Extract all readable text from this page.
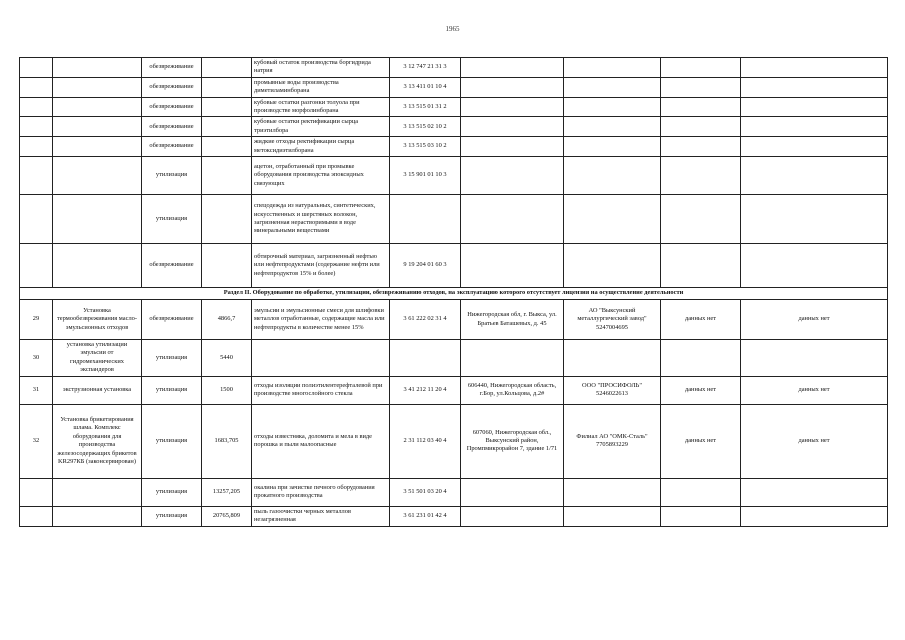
1965
		обезвреживание		кубовый остаток производства боргидрида натрия	3 12 747 21 31 3				
		обезвреживание		промывные воды производства диметиламинборана	3 13 411 01 10 4				
		обезвреживание		кубовые остатки разгонки толуола при производстве морфолинборана	3 13 515 01 31 2				
		обезвреживание		кубовые остатки ректификации сырца триэтилбора	3 13 515 02 10 2				
		обезвреживание		жидкие отходы ректификации сырца метоксидиэтилборана	3 13 515 03 10 2				
		утилизация		ацетон, отработанный при промывке оборудования производства эпоксидных связующих	3 15 901 01 10 3				
		утилизация		спецодежда из натуральных, синтетических, искусственных и шерстяных волокон, загрязненная нерастворимыми в воде минеральными веществами					
		обезвреживание		обтирочный материал, загрязненный нефтью или нефтепродуктами (содержание нефти или нефтепродуктов 15% и более)	9 19 204 01 60 3				
Раздел II. Оборудование по обработке, утилизации, обезвреживанию отходов, на эксплуатацию которого отсутствует лицензия на осуществление деятельности									
29	Установка термообезвреживания масло-эмульсионных отходов	обезвреживание	4866,7	эмульсии и эмульсионные смеси для шлифовки металлов отработанные, содержащие масла или нефтепродукты в количестве менее 15%	3 61 222 02 31 4	Нижегородская обл, г. Выкса, ул. Братьев Баташевых, д. 45	АО "Выксунский металлургический завод" 5247004695	данных нет	данных нет
30	установка утилизации эмульсии от гидромеханических экспандеров	утилизация	5440						
31	экструзионная установка	утилизация	1500	отходы изоляции полиэтилентерефталевой при производстве многослойного стекла	3 41 212 11 20 4	606440, Нижегородская область, г.Бор, ул.Кольцова, д.2#	ООО "ПРОСИФОЛЬ" 5246022613	данных нет	данных нет
32	Установка брикетирования шлама. Комплекс оборудования для производства железосодержащих брикетов KR297КБ (законсервирован)	утилизация	1683,705	отходы известняка, доломита и мела в виде порошка и пыли малоопасные	2 31 112 03 40 4	607060, Нижегородская обл., Выксунский район, Промпмикрорайон 7, здание 1/71	Филиал АО "ОМК-Сталь" 7705893229	данных нет	данных нет
		утилизация	13257,205	окалина при зачистке печного оборудования прокатного производства	3 51 501 03 20 4				
		утилизация	20765,809	пыль газоочистки черных металлов незагрязненная	3 61 231 01 42 4				
